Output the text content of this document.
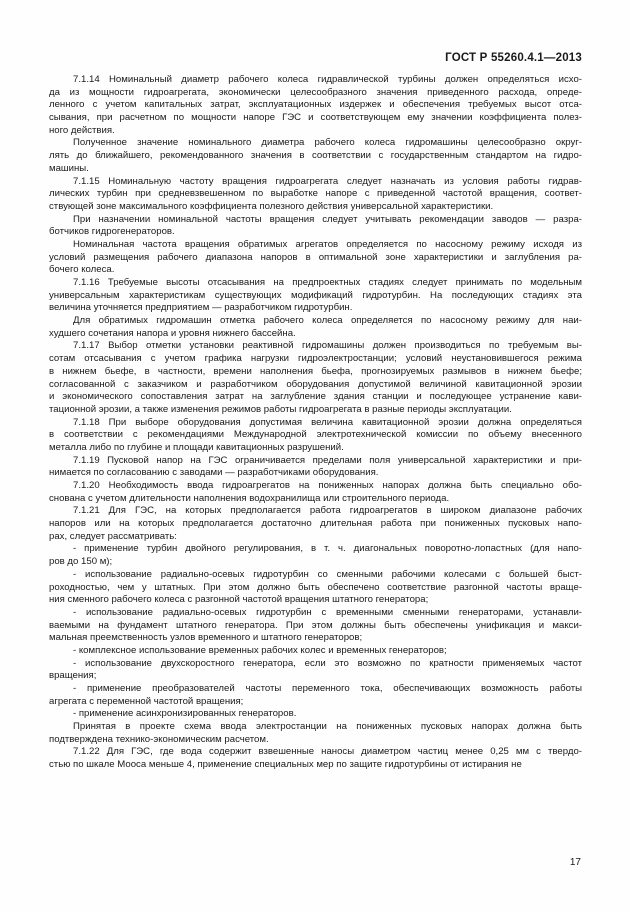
ГОСТ Р 55260.4.1—2013
7.1.14 Номинальный диаметр рабочего колеса гидравлической турбины должен определяться исхо-
да из мощности гидроагрегата, экономически целесообразного значения приведенного расхода, опреде-
ленного с учетом капитальных затрат, эксплуатационных издержек и обеспечения требуемых высот отса-
сывания, при расчетном по мощности напоре ГЭС и соответствующем ему значении коэффициента полез-
ного действия.
Полученное значение номинального диаметра рабочего колеса гидромашины целесообразно округ-
лять до ближайшего, рекомендованного значения в соответствии с государственным стандартом на гидро-
машины.
7.1.15 Номинальную частоту вращения гидроагрегата следует назначать из условия работы гидрав-
лических турбин при средневзвешенном по выработке напоре с приведенной частотой вращения, соответ-
ствующей зоне максимального коэффициента полезного действия универсальной характеристики.
При назначении номинальной частоты вращения следует учитывать рекомендации заводов — разра-
ботчиков гидрогенераторов.
Номинальная частота вращения обратимых агрегатов определяется по насосному режиму исходя из
условий размещения рабочего диапазона напоров в оптимальной зоне характеристики и заглубления ра-
бочего колеса.
7.1.16 Требуемые высоты отсасывания на предпроектных стадиях следует принимать по модельным
универсальным характеристикам существующих модификаций гидротурбин. На последующих стадиях эта
величина уточняется предприятием — разработчиком гидротурбин.
Для обратимых гидромашин отметка рабочего колеса определяется по насосному режиму для наи-
худшего сочетания напора и уровня нижнего бассейна.
7.1.17 Выбор отметки установки реактивной гидромашины должен производиться по требуемым вы-
сотам отсасывания с учетом графика нагрузки гидроэлектростанции; условий неустановившегося режима
в нижнем бьефе, в частности, времени наполнения бьефа, прогнозируемых размывов в нижнем бьефе;
согласованной с заказчиком и разработчиком оборудования допустимой величиной кавитационной эрозии
и экономического сопоставления затрат на заглубление здания станции и последующее устранение кави-
тационной эрозии, а также изменения режимов работы гидроагрегата в разные периоды эксплуатации.
7.1.18 При выборе оборудования допустимая величина кавитационной эрозии должна определяться
в соответствии с рекомендациями Международной электротехнической комиссии по объему внесенного
металла либо по глубине и площади кавитационных разрушений.
7.1.19 Пусковой напор на ГЭС ограничивается пределами поля универсальной характеристики и при-
нимается по согласованию с заводами — разработчиками оборудования.
7.1.20 Необходимость ввода гидроагрегатов на пониженных напорах должна быть специально обо-
снована с учетом длительности наполнения водохранилища или строительного периода.
7.1.21 Для ГЭС, на которых предполагается работа гидроагрегатов в широком диапазоне рабочих
напоров или на которых предполагается достаточно длительная работа при пониженных пусковых напо-
рах, следует рассматривать:
- применение турбин двойного регулирования, в т. ч. диагональных поворотно-лопастных (для напо-
ров до 150 м);
- использование радиально-осевых гидротурбин со сменными рабочими колесами с большей быст-
роходностью, чем у штатных. При этом должно быть обеспечено соответствие разгонной частоты враще-
ния сменного рабочего колеса с разгонной частотой вращения штатного генератора;
- использование радиально-осевых гидротурбин с временными сменными генераторами, устанавли-
ваемыми на фундамент штатного генератора. При этом должны быть обеспечены унификация и макси-
мальная преемственность узлов временного и штатного генераторов;
- комплексное использование временных рабочих колес и временных генераторов;
- использование двухскоростного генератора, если это возможно по кратности применяемых частот
вращения;
- применение преобразователей частоты переменного тока, обеспечивающих возможность работы
агрегата с переменной частотой вращения;
- применение асинхронизированных генераторов.
Принятая в проекте схема ввода электростанции на пониженных пусковых напорах должна быть
подтверждена технико-экономическим расчетом.
7.1.22 Для ГЭС, где вода содержит взвешенные наносы диаметром частиц менее 0,25 мм с твердо-
стью по шкале Мооса меньше 4, применение специальных мер по защите гидротурбины от истирания не
17
